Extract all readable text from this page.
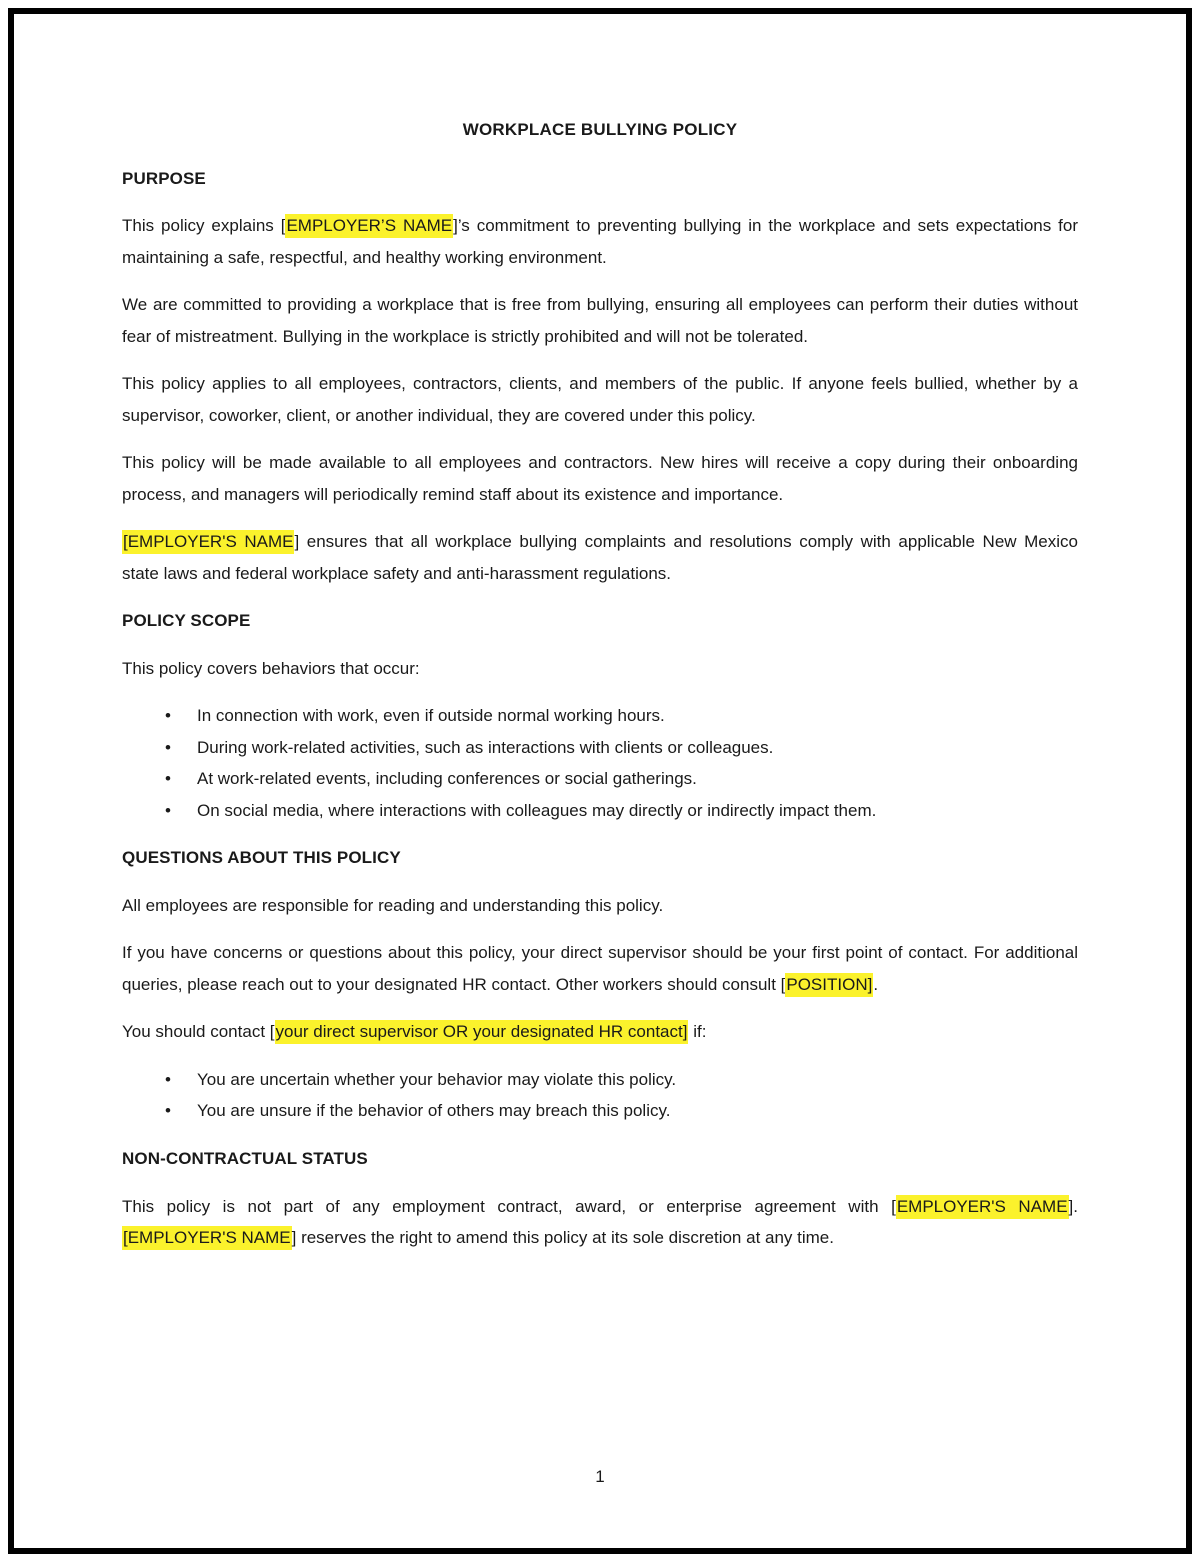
WORKPLACE BULLYING POLICY
PURPOSE

This policy explains [EMPLOYER’S NAME]’s commitment to preventing bullying in the workplace and sets expectations for maintaining a safe, respectful, and healthy working environment.

We are committed to providing a workplace that is free from bullying, ensuring all employees can perform their duties without fear of mistreatment. Bullying in the workplace is strictly prohibited and will not be tolerated.

This policy applies to all employees, contractors, clients, and members of the public. If anyone feels bullied, whether by a supervisor, coworker, client, or another individual, they are covered under this policy.

This policy will be made available to all employees and contractors. New hires will receive a copy during their onboarding process, and managers will periodically remind staff about its existence and importance.

[EMPLOYER'S NAME] ensures that all workplace bullying complaints and resolutions comply with applicable New Mexico state laws and federal workplace safety and anti-harassment regulations.

POLICY SCOPE

This policy covers behaviors that occur:

• In connection with work, even if outside normal working hours.
• During work-related activities, such as interactions with clients or colleagues.
• At work-related events, including conferences or social gatherings.
• On social media, where interactions with colleagues may directly or indirectly impact them.
QUESTIONS ABOUT THIS POLICY

All employees are responsible for reading and understanding this policy.

If you have concerns or questions about this policy, your direct supervisor should be your first point of contact. For additional queries, please reach out to your designated HR contact. Other workers should consult [POSITION].

You should contact [your direct supervisor OR your designated HR contact] if:

• You are uncertain whether your behavior may violate this policy.
• You are unsure if the behavior of others may breach this policy.
NON-CONTRACTUAL STATUS

This policy is not part of any employment contract, award, or enterprise agreement with [EMPLOYER'S NAME]. [EMPLOYER'S NAME] reserves the right to amend this policy at its sole discretion at any time.

1
